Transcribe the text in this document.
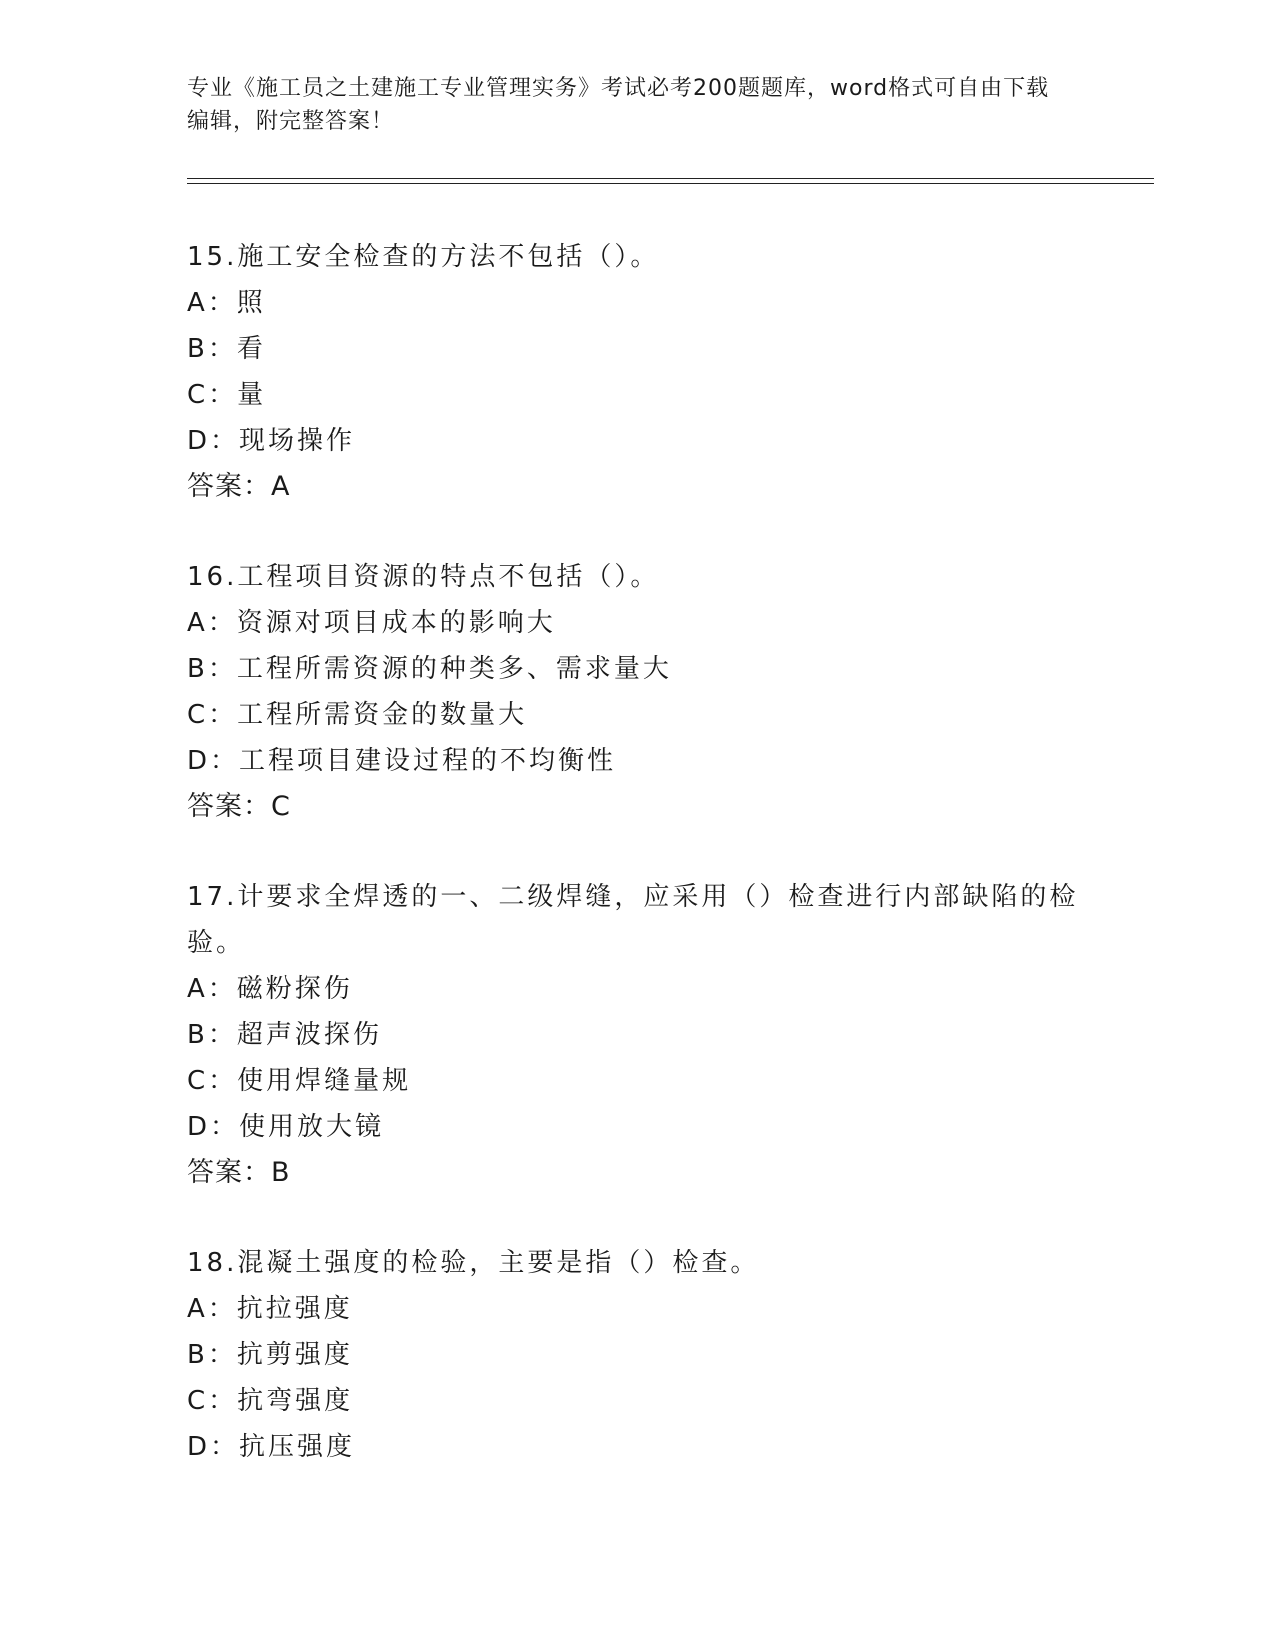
专业《施工员之土建施工专业管理实务》考试必考200题题库，word格式可自由下载编辑，附完整答案！
15.施工安全检查的方法不包括（）。
A：照
B：看
C：量
D：现场操作
答案：A
16.工程项目资源的特点不包括（）。
A：资源对项目成本的影响大
B：工程所需资源的种类多、需求量大
C：工程所需资金的数量大
D：工程项目建设过程的不均衡性
答案：C
17.计要求全焊透的一、二级焊缝，应采用（）检查进行内部缺陷的检验。
A：磁粉探伤
B：超声波探伤
C：使用焊缝量规
D：使用放大镜
答案：B
18.混凝土强度的检验，主要是指（）检查。
A：抗拉强度
B：抗剪强度
C：抗弯强度
D：抗压强度
